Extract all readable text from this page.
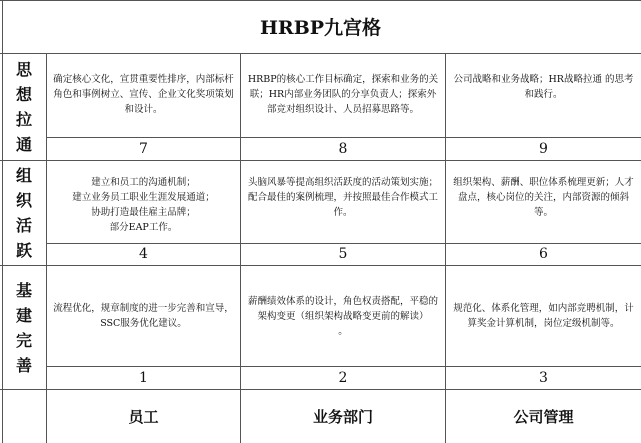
HRBP九宫格
思
想
拉
通
确定核心文化，宣贯重要性排序，内部标杆角色和事例树立、宣传、企业文化奖项策划和设计。
7
HRBP的核心工作目标确定，探索和业务的关联；HR内部业务团队的分享负责人；探索外部竞对组织设计、人员招募思路等。
8
公司战略和业务战略；HR战略拉通 的思考和践行。
9
组
织
活
跃
建立和员工的沟通机制；
建立业务员工职业生涯发展通道；
协助打造最佳雇主品牌；
部分EAP工作。
4
头脑风暴等提高组织活跃度的活动策划实施；配合最佳的案例梳理，并按照最佳合作模式工作。
5
组织架构、薪酬、职位体系梳理更新；人才盘点，核心岗位的关注，内部资源的倾斜等。
6
基
建
完
善
流程优化，规章制度的进一步完善和宣导，SSC服务优化建议。
1
薪酬绩效体系的设计，角色权责搭配，平稳的架构变更（组织架构战略变更前的解读）
。
2
规范化、体系化管理，如内部竞聘机制，计算奖金计算机制，岗位定级机制等。
3
员工	业务部门	公司管理
